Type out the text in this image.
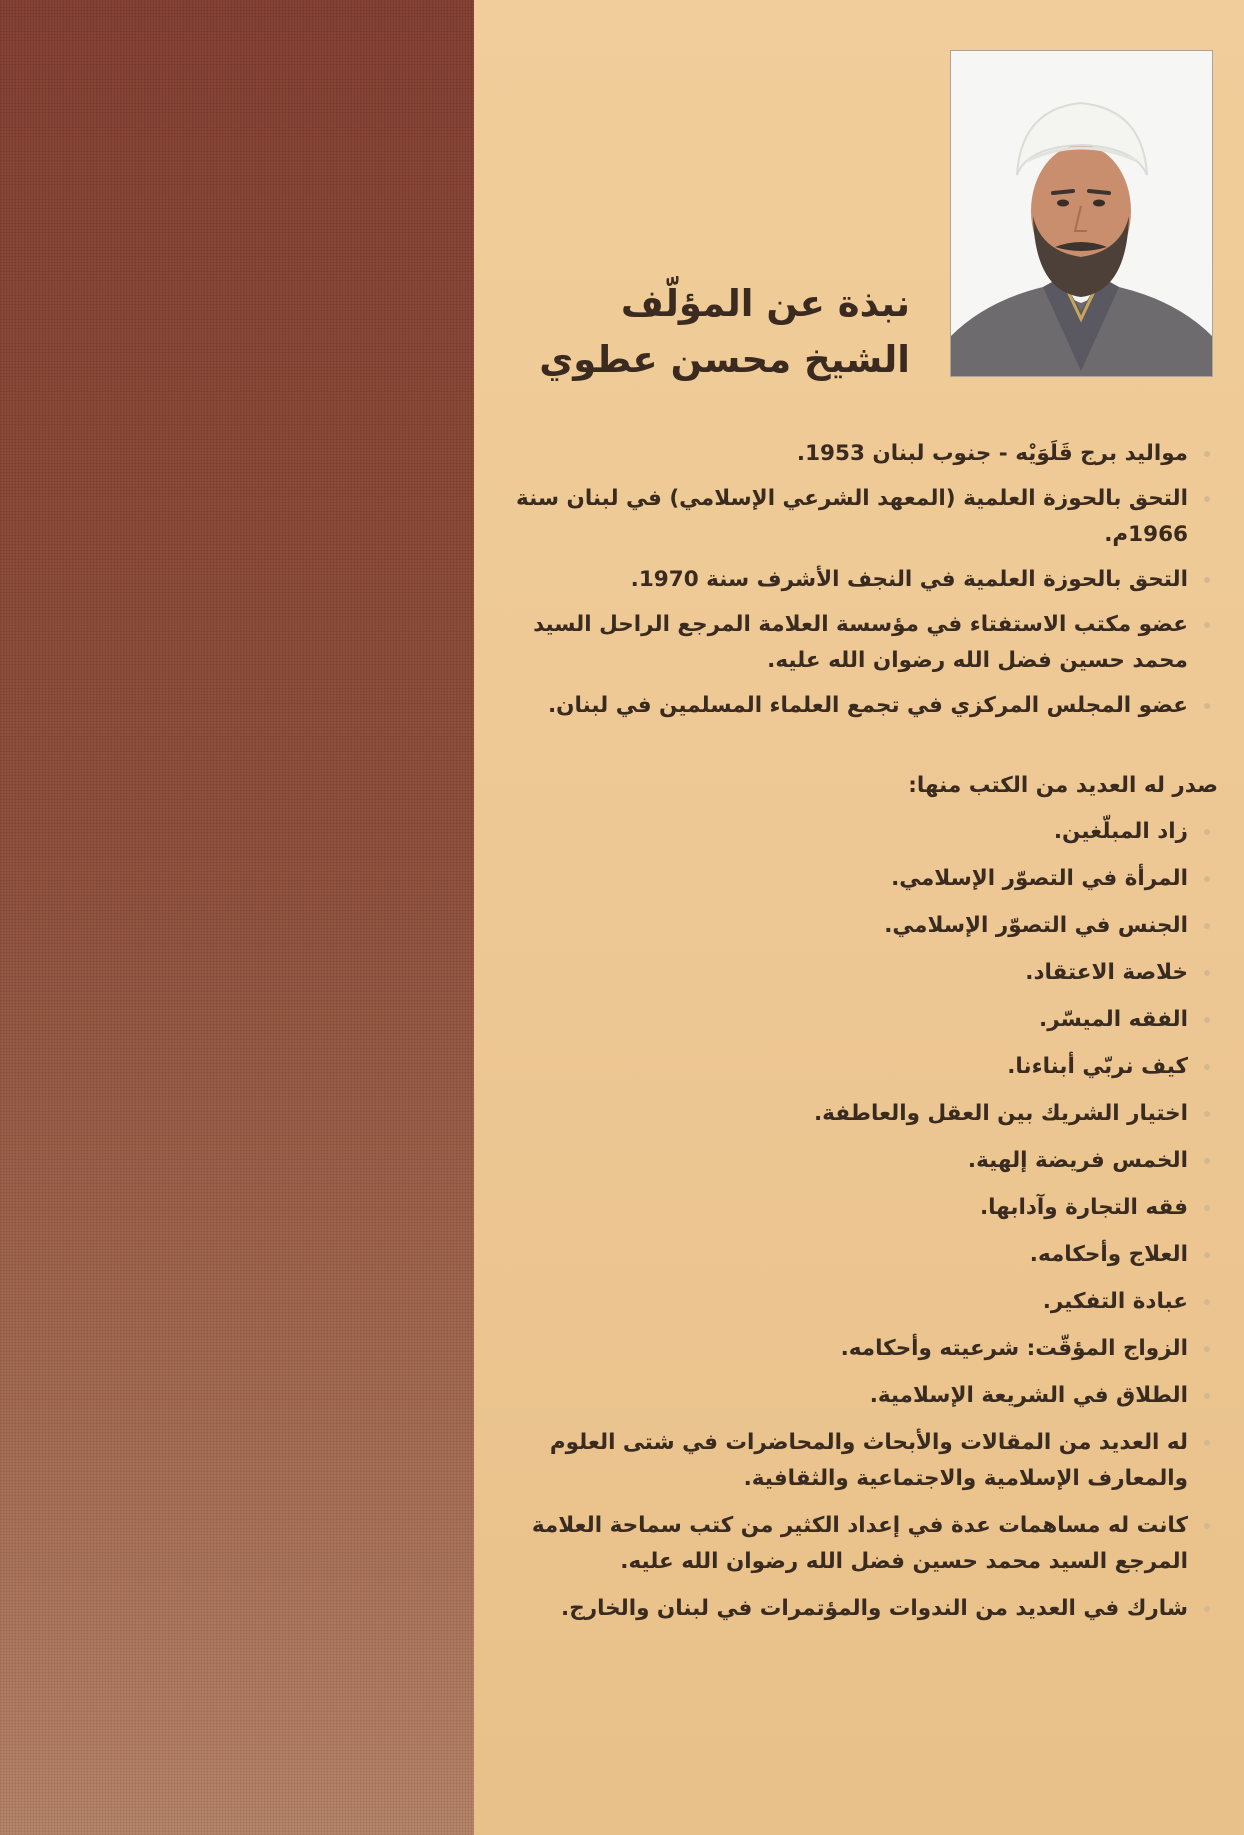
نبذة عن المؤلّف
الشيخ محسن عطوي
مواليد برج قَلَوَيْه - جنوب لبنان 1953.
التحق بالحوزة العلمية (المعهد الشرعي الإسلامي) في لبنان سنة 1966م.
التحق بالحوزة العلمية في النجف الأشرف سنة 1970.
عضو مكتب الاستفتاء في مؤسسة العلامة المرجع الراحل السيد محمد حسين فضل الله رضوان الله عليه.
عضو المجلس المركزي في تجمع العلماء المسلمين في لبنان.
صدر له العديد من الكتب منها:
زاد المبلّغين.
المرأة في التصوّر الإسلامي.
الجنس في التصوّر الإسلامي.
خلاصة الاعتقاد.
الفقه الميسّر.
كيف نربّي أبناءنا.
اختيار الشريك بين العقل والعاطفة.
الخمس فريضة إلهية.
فقه التجارة وآدابها.
العلاج وأحكامه.
عبادة التفكير.
الزواج المؤقّت: شرعيته وأحكامه.
الطلاق في الشريعة الإسلامية.
له العديد من المقالات والأبحاث والمحاضرات في شتى العلوم والمعارف الإسلامية والاجتماعية والثقافية.
كانت له مساهمات عدة في إعداد الكثير من كتب سماحة العلامة المرجع السيد محمد حسين فضل الله رضوان الله عليه.
شارك في العديد من الندوات والمؤتمرات في لبنان والخارج.
